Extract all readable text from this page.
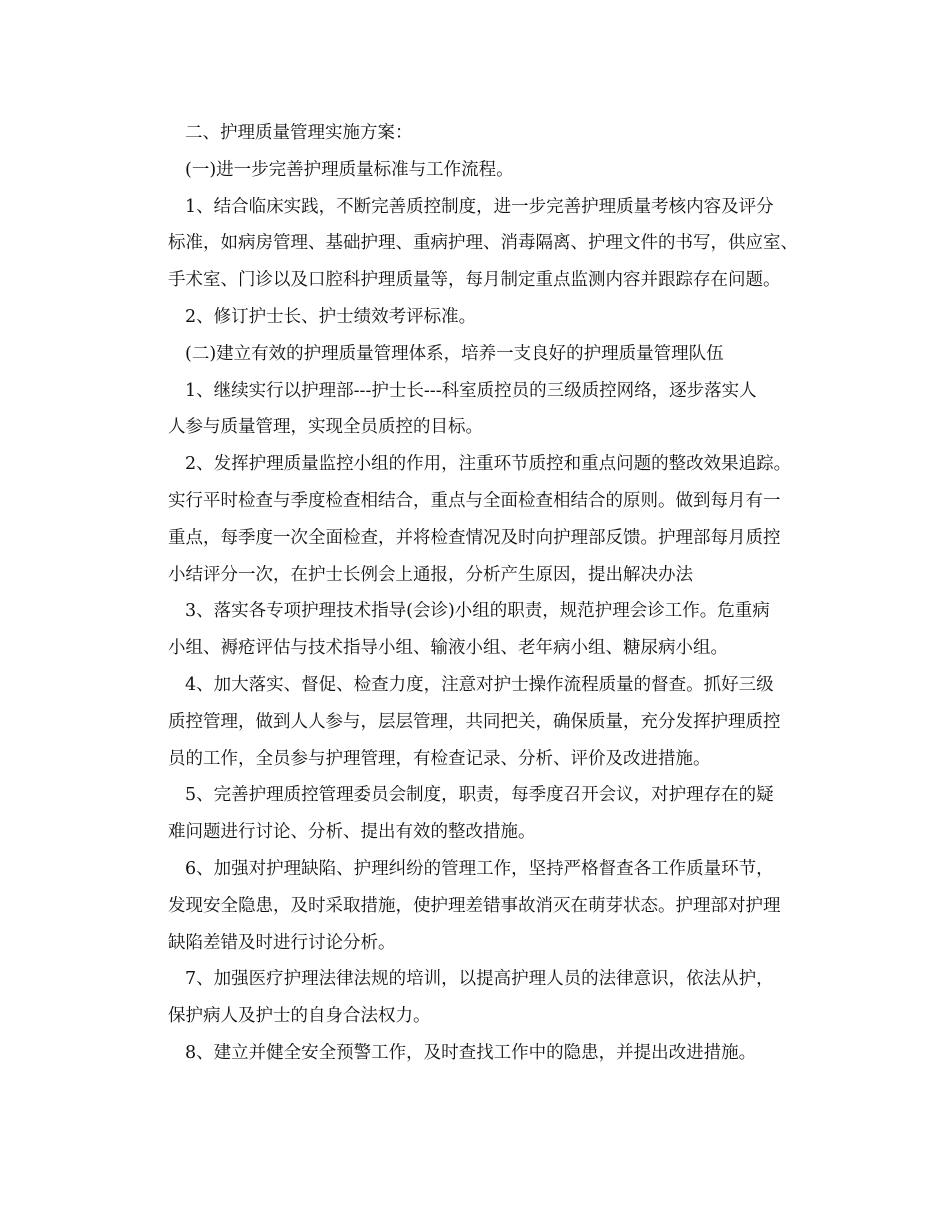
二、护理质量管理实施方案：
(一)进一步完善护理质量标准与工作流程。
1、结合临床实践，不断完善质控制度，进一步完善护理质量考核内容及评分
标准，如病房管理、基础护理、重病护理、消毒隔离、护理文件的书写，供应室、
手术室、门诊以及口腔科护理质量等，每月制定重点监测内容并跟踪存在问题。
2、修订护士长、护士绩效考评标准。
(二)建立有效的护理质量管理体系，培养一支良好的护理质量管理队伍
1、继续实行以护理部---护士长---科室质控员的三级质控网络，逐步落实人
人参与质量管理，实现全员质控的目标。
2、发挥护理质量监控小组的作用，注重环节质控和重点问题的整改效果追踪。
实行平时检查与季度检查相结合，重点与全面检查相结合的原则。做到每月有一
重点，每季度一次全面检查，并将检查情况及时向护理部反馈。护理部每月质控
小结评分一次，在护士长例会上通报，分析产生原因，提出解决办法
3、落实各专项护理技术指导(会诊)小组的职责，规范护理会诊工作。危重病
小组、褥疮评估与技术指导小组、输液小组、老年病小组、糖尿病小组。
4、加大落实、督促、检查力度，注意对护士操作流程质量的督查。抓好三级
质控管理，做到人人参与，层层管理，共同把关，确保质量，充分发挥护理质控
员的工作，全员参与护理管理，有检查记录、分析、评价及改进措施。
5、完善护理质控管理委员会制度，职责，每季度召开会议，对护理存在的疑
难问题进行讨论、分析、提出有效的整改措施。
6、加强对护理缺陷、护理纠纷的管理工作，坚持严格督查各工作质量环节，
发现安全隐患，及时采取措施，使护理差错事故消灭在萌芽状态。护理部对护理
缺陷差错及时进行讨论分析。
7、加强医疗护理法律法规的培训，以提高护理人员的法律意识，依法从护，
保护病人及护士的自身合法权力。
8、建立并健全安全预警工作，及时查找工作中的隐患，并提出改进措施。
